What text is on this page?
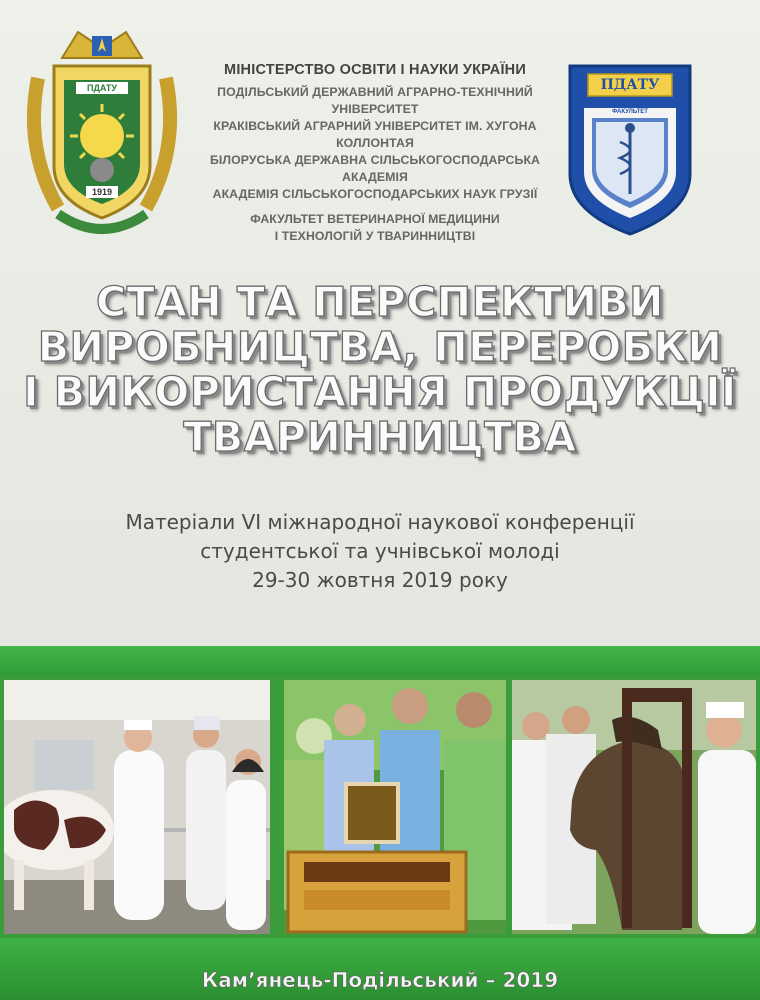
ПДАТУ
1919
МІНІСТЕРСТВО ОСВІТИ І НАУКИ УКРАЇНИ
ПОДІЛЬСЬКИЙ ДЕРЖАВНИЙ АГРАРНО-ТЕХНІЧНИЙ УНІВЕРСИТЕТ
КРАКІВСЬКИЙ АГРАРНИЙ УНІВЕРСИТЕТ ІМ. ХУГОНА КОЛЛОНТАЯ
БІЛОРУСЬКА ДЕРЖАВНА СІЛЬСЬКОГОСПОДАРСЬКА АКАДЕМІЯ
АКАДЕМІЯ СІЛЬСЬКОГОСПОДАРСЬКИХ НАУК ГРУЗІЇ
ФАКУЛЬТЕТ ВЕТЕРИНАРНОЇ МЕДИЦИНИ
І ТЕХНОЛОГІЙ У ТВАРИННИЦТВІ
ПДАТУ
ФАКУЛЬТЕТ
СТАН ТА ПЕРСПЕКТИВИ
ВИРОБНИЦТВА, ПЕРЕРОБКИ
І ВИКОРИСТАННЯ ПРОДУКЦІЇ
ТВАРИННИЦТВА
Матеріали VI міжнародної наукової конференції
студентської та учнівської молоді
29-30 жовтня 2019 року
Кам’янець-Подільський – 2019
